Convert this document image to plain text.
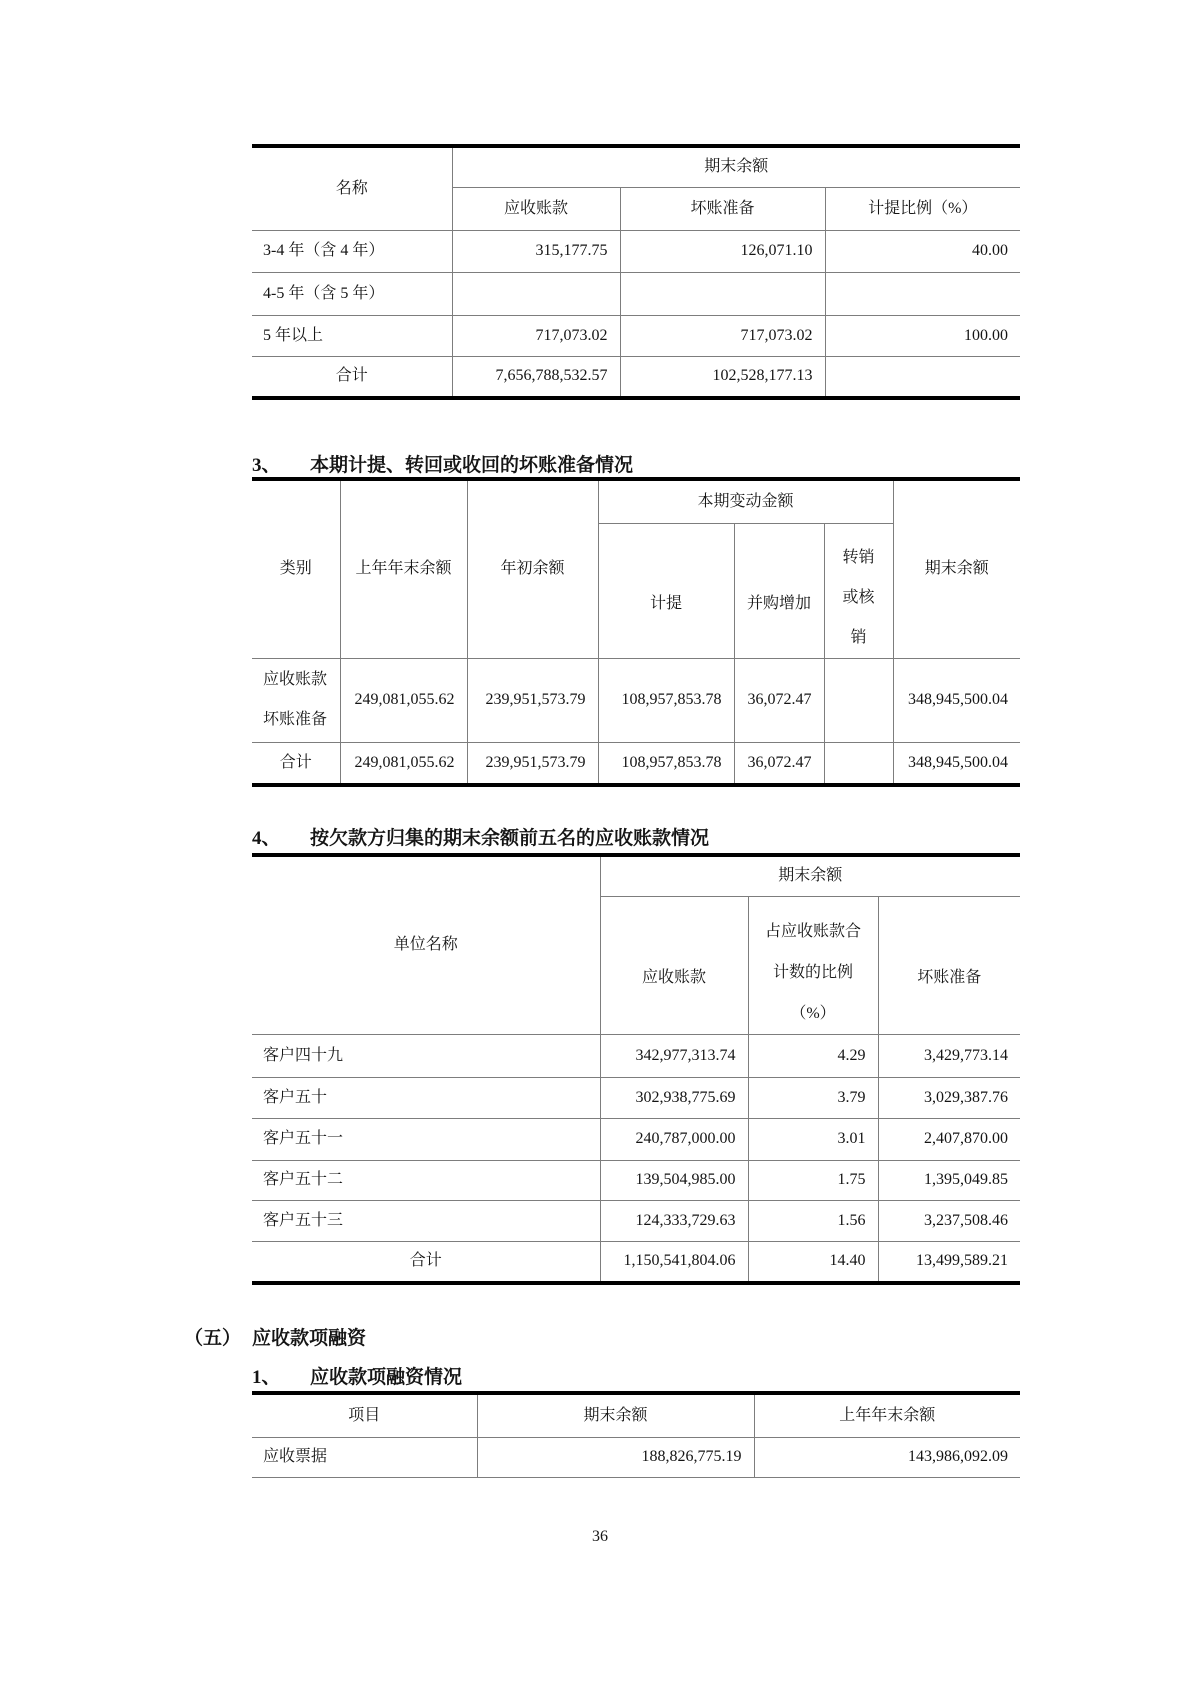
名称	期末余额		
	应收账款	坏账准备	计提比例（%）
3-4 年（含 4 年）	315,177.75	126,071.10	40.00
4-5 年（含 5 年）			
5 年以上	717,073.02	717,073.02	100.00
合计	7,656,788,532.57	102,528,177.13	
3、 本期计提、转回或收回的坏账准备情况
类别	上年年末余额	年初余额	本期变动金额			期末余额
			计提	并购增加	转销
或核
销	

应收账款
坏账准备	249,081,055.62	239,951,573.79	108,957,853.78	36,072.47		348,945,500.04
合计	249,081,055.62	239,951,573.79	108,957,853.78	36,072.47		348,945,500.04
4、 按欠款方归集的期末余额前五名的应收账款情况
单位名称	期末余额		
	应收账款	占应收账款合
计数的比例
（%）	坏账准备
客户四十九	342,977,313.74	4.29	3,429,773.14
客户五十	302,938,775.69	3.79	3,029,387.76
客户五十一	240,787,000.00	3.01	2,407,870.00
客户五十二	139,504,985.00	1.75	1,395,049.85
客户五十三	124,333,729.63	1.56	3,237,508.46
合计	1,150,541,804.06	14.40	13,499,589.21
（五） 应收款项融资
1、 应收款项融资情况
项目	期末余额	上年年末余额
应收票据	188,826,775.19	143,986,092.09
36
